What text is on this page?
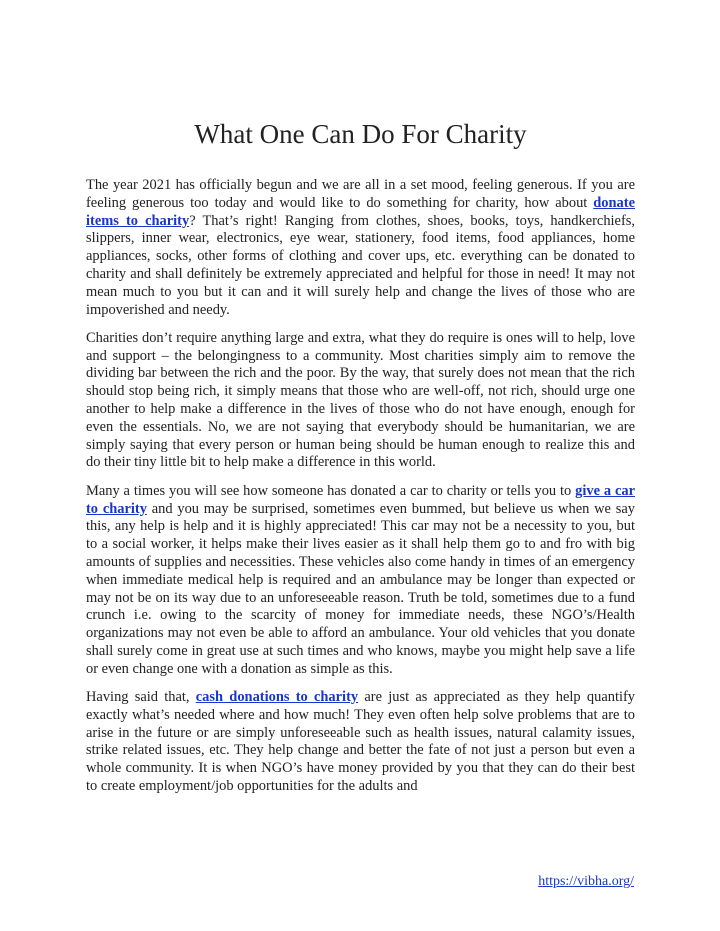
What One Can Do For Charity

The year 2021 has officially begun and we are all in a set mood, feeling generous. If you are feeling generous too today and would like to do something for charity, how about donate items to charity? That’s right! Ranging from clothes, shoes, books, toys, handkerchiefs, slippers, inner wear, electronics, eye wear, stationery, food items, food appliances, home appliances, socks, other forms of clothing and cover ups, etc. everything can be donated to charity and shall definitely be extremely appreciated and helpful for those in need! It may not mean much to you but it can and it will surely help and change the lives of those who are impoverished and needy.

Charities don’t require anything large and extra, what they do require is ones will to help, love and support – the belongingness to a community. Most charities simply aim to remove the dividing bar between the rich and the poor. By the way, that surely does not mean that the rich should stop being rich, it simply means that those who are well-off, not rich, should urge one another to help make a difference in the lives of those who do not have enough, enough for even the essentials. No, we are not saying that everybody should be humanitarian, we are simply saying that every person or human being should be human enough to realize this and do their tiny little bit to help make a difference in this world.

Many a times you will see how someone has donated a car to charity or tells you to give a car to charity and you may be surprised, sometimes even bummed, but believe us when we say this, any help is help and it is highly appreciated! This car may not be a necessity to you, but to a social worker, it helps make their lives easier as it shall help them go to and fro with big amounts of supplies and necessities. These vehicles also come handy in times of an emergency when immediate medical help is required and an ambulance may be longer than expected or may not be on its way due to an unforeseeable reason. Truth be told, sometimes due to a fund crunch i.e. owing to the scarcity of money for immediate needs, these NGO’s/Health organizations may not even be able to afford an ambulance. Your old vehicles that you donate shall surely come in great use at such times and who knows, maybe you might help save a life or even change one with a donation as simple as this.

Having said that, cash donations to charity are just as appreciated as they help quantify exactly what’s needed where and how much! They even often help solve problems that are to arise in the future or are simply unforeseeable such as health issues, natural calamity issues, strike related issues, etc. They help change and better the fate of not just a person but even a whole community. It is when NGO’s have money provided by you that they can do their best to create employment/job opportunities for the adults and

https://vibha.org/
